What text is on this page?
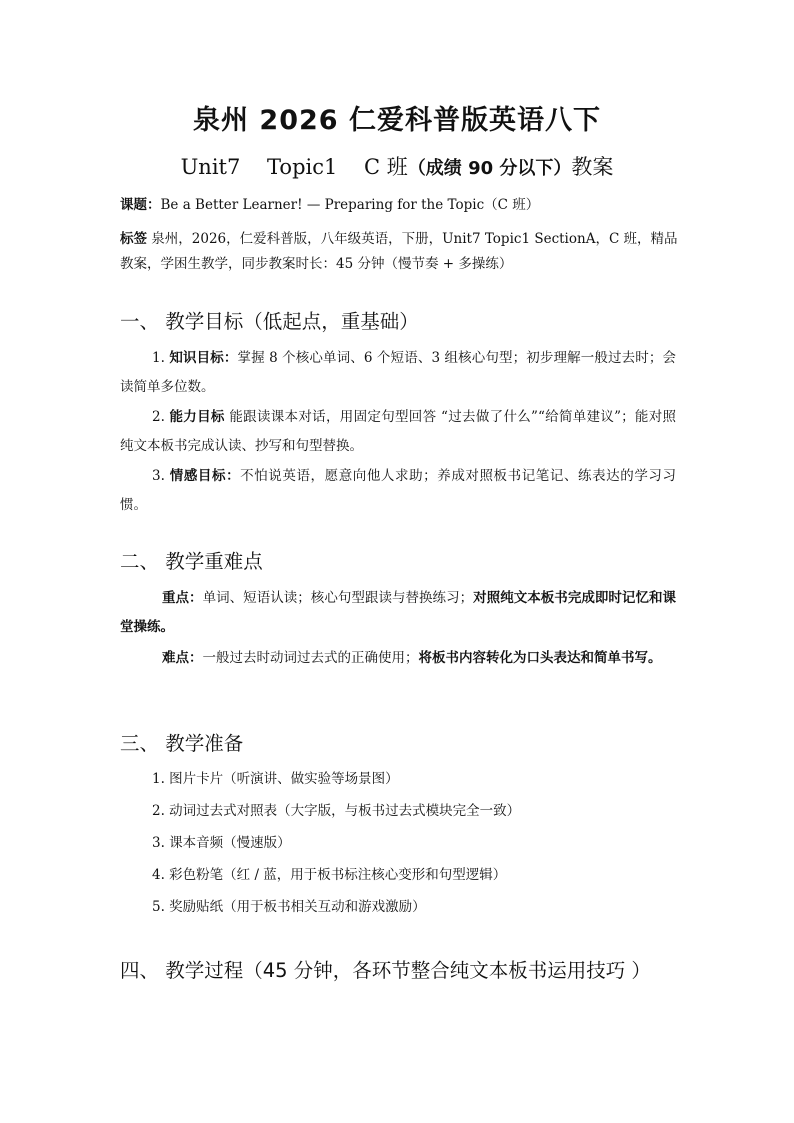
泉州 2026 仁爱科普版英语八下
Unit7    Topic1    C 班（成绩 90 分以下）教案
课题：Be a Better Learner! — Preparing for the Topic（C 班）
标签 泉州，2026，仁爱科普版，八年级英语，下册，Unit7 Topic1 SectionA，C 班，精品教案，学困生教学，同步教案时长：45 分钟（慢节奏 + 多操练）
一、 教学目标（低起点，重基础）
1. 知识目标：掌握 8 个核心单词、6 个短语、3 组核心句型；初步理解一般过去时；会读简单多位数。
2. 能力目标 能跟读课本对话，用固定句型回答 “过去做了什么”“给简单建议”；能对照纯文本板书完成认读、抄写和句型替换。
3. 情感目标：不怕说英语，愿意向他人求助；养成对照板书记笔记、练表达的学习习惯。
二、 教学重难点
重点：单词、短语认读；核心句型跟读与替换练习；对照纯文本板书完成即时记忆和课堂操练。
难点：一般过去时动词过去式的正确使用；将板书内容转化为口头表达和简单书写。
三、 教学准备
1. 图片卡片（听演讲、做实验等场景图）
2. 动词过去式对照表（大字版，与板书过去式模块完全一致）
3. 课本音频（慢速版）
4. 彩色粉笔（红 / 蓝，用于板书标注核心变形和句型逻辑）
5. 奖励贴纸（用于板书相关互动和游戏激励）
四、 教学过程（45 分钟，各环节整合纯文本板书运用技巧 ）
